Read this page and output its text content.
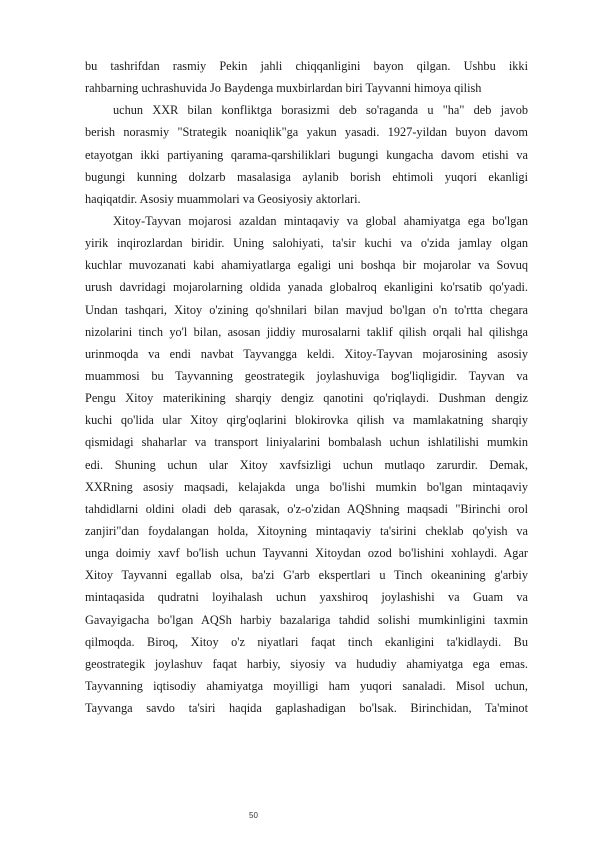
bu tashrifdan rasmiy Pekin jahli chiqqanligini bayon qilgan. Ushbu ikki
rahbarning uchrashuvida Jo Baydenga muxbirlardan biri Tayvanni himoya qilish
uchun XXR bilan konfliktga borasizmi deb so'raganda u "ha" deb javob
berish norasmiy "Strategik noaniqlik"ga yakun yasadi. 1927-yildan buyon davom
etayotgan ikki partiyaning qarama-qarshiliklari bugungi kungacha davom etishi va
bugungi kunning dolzarb masalasiga aylanib borish ehtimoli yuqori ekanligi
haqiqatdir. Asosiy muammolari va Geosiyosiy aktorlari.
Xitoy-Tayvan mojarosi azaldan mintaqaviy va global ahamiyatga ega bo'lgan
yirik inqirozlardan biridir. Uning salohiyati, ta'sir kuchi va o'zida jamlay olgan
kuchlar muvozanati kabi ahamiyatlarga egaligi uni boshqa bir mojarolar va Sovuq
urush davridagi mojarolarning oldida yanada globalroq ekanligini ko'rsatib qo'yadi.
Undan tashqari, Xitoy o'zining qo'shnilari bilan mavjud bo'lgan o'n to'rtta chegara
nizolarini tinch yo'l bilan, asosan jiddiy murosalarni taklif qilish orqali hal qilishga
urinmoqda va endi navbat Tayvangga keldi. Xitoy-Tayvan mojarosining asosiy
muammosi bu Tayvanning geostrategik joylashuviga bog'liqligidir. Tayvan va
Pengu Xitoy materikining sharqiy dengiz qanotini qo'riqlaydi. Dushman dengiz
kuchi qo'lida ular Xitoy qirg'oqlarini blokirovka qilish va mamlakatning sharqiy
qismidagi shaharlar va transport liniyalarini bombalash uchun ishlatilishi mumkin
edi. Shuning uchun ular Xitoy xavfsizligi uchun mutlaqo zarurdir. Demak,
XXRning asosiy maqsadi, kelajakda unga bo'lishi mumkin bo'lgan mintaqaviy
tahdidlarni oldini oladi deb qarasak, o'z-o'zidan AQShning maqsadi "Birinchi orol
zanjiri"dan foydalangan holda, Xitoyning mintaqaviy ta'sirini cheklab qo'yish va
unga doimiy xavf bo'lish uchun Tayvanni Xitoydan ozod bo'lishini xohlaydi. Agar
Xitoy Tayvanni egallab olsa, ba'zi G'arb ekspertlari u Tinch okeanining g'arbiy
mintaqasida qudratni loyihalash uchun yaxshiroq joylashishi va Guam va
Gavayigacha bo'lgan AQSh harbiy bazalariga tahdid solishi mumkinligini taxmin
qilmoqda. Biroq, Xitoy o'z niyatlari faqat tinch ekanligini ta'kidlaydi. Bu
geostrategik joylashuv faqat harbiy, siyosiy va hududiy ahamiyatga ega emas.
Tayvanning iqtisodiy ahamiyatga moyilligi ham yuqori sanaladi. Misol uchun,
Tayvanga savdo ta'siri haqida gaplashadigan bo'lsak. Birinchidan, Ta'minot
50
